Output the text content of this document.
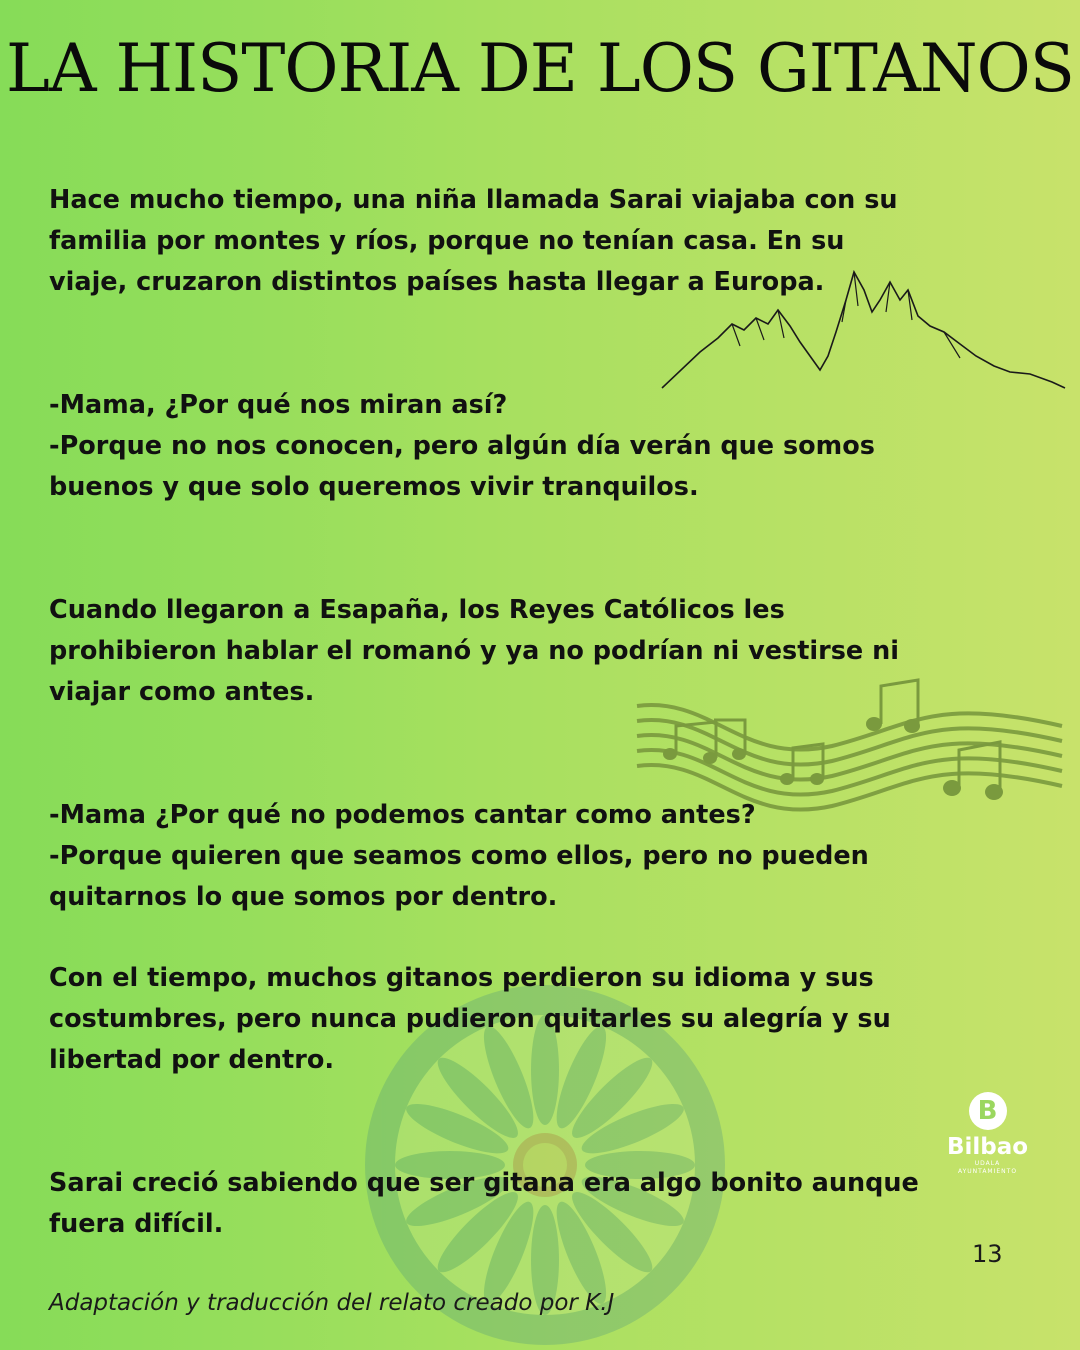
LA HISTORIA DE LOS GITANOS

Hace mucho tiempo, una niña llamada Sarai viajaba con su
familia por montes y ríos, porque no tenían casa. En su
viaje, cruzaron distintos países hasta llegar a Europa.

-Mama, ¿Por qué nos miran así?
-Porque no nos conocen, pero algún día verán que somos
buenos y que solo queremos vivir tranquilos.

Cuando llegaron a Esapaña, los Reyes Católicos les
prohibieron hablar el romanó y ya no podrían ni vestirse ni
viajar como antes.

-Mama ¿Por qué no podemos cantar como antes?
-Porque quieren que seamos como ellos, pero no pueden
quitarnos lo que somos por dentro.

Con el tiempo, muchos gitanos perdieron su idioma y sus
costumbres, pero nunca pudieron quitarles su alegría y su
libertad por dentro.

Sarai creció sabiendo que ser gitana era algo bonito aunque
fuera difícil.

B
Bilbao
UDALA
AYUNTAMIENTO
13

Adaptación y traducción del relato creado por K.J
